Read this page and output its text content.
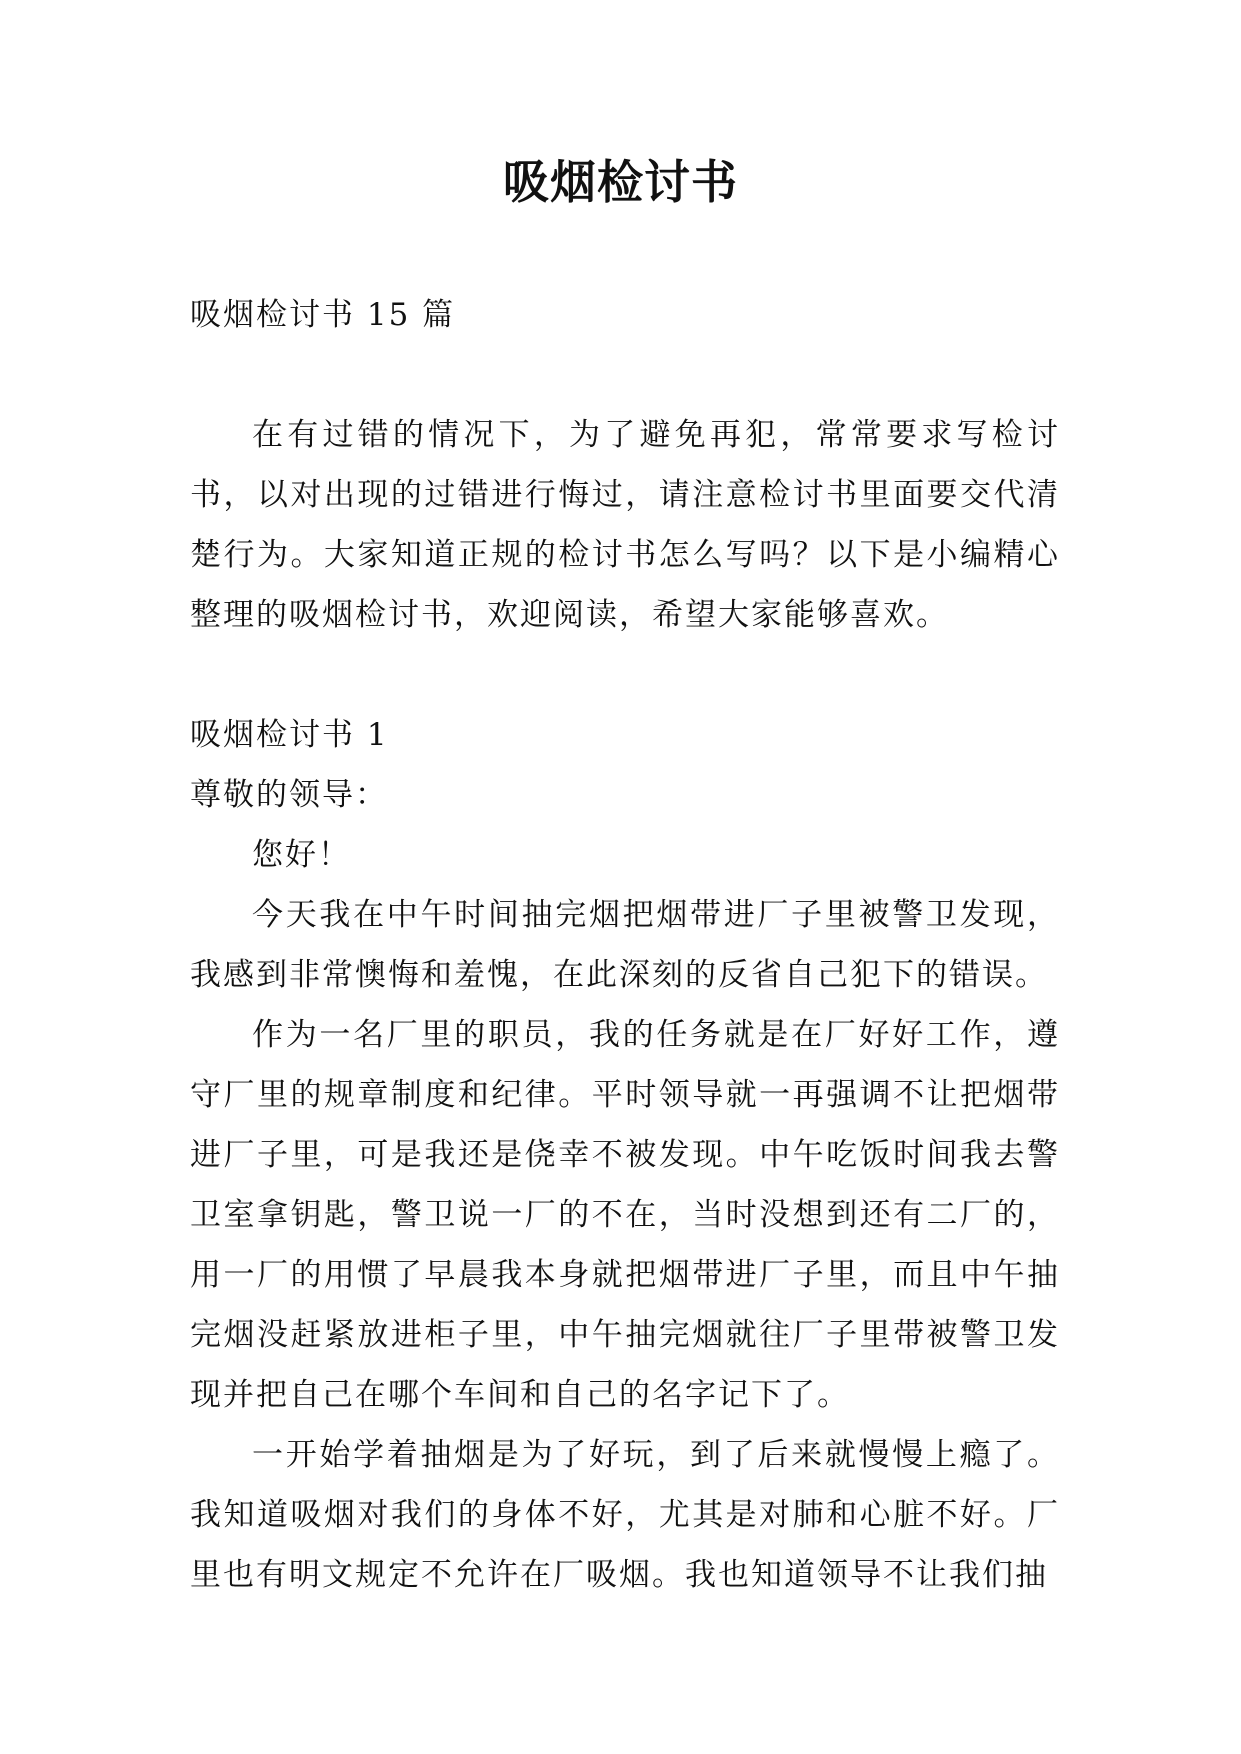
吸烟检讨书

吸烟检讨书 15 篇

在有过错的情况下，为了避免再犯，常常要求写检讨书，以对出现的过错进行悔过，请注意检讨书里面要交代清楚行为。大家知道正规的检讨书怎么写吗？以下是小编精心整理的吸烟检讨书，欢迎阅读，希望大家能够喜欢。

吸烟检讨书 1

尊敬的领导：

您好！

今天我在中午时间抽完烟把烟带进厂子里被警卫发现，我感到非常懊悔和羞愧，在此深刻的反省自己犯下的错误。

作为一名厂里的职员，我的任务就是在厂好好工作，遵守厂里的规章制度和纪律。平时领导就一再强调不让把烟带进厂子里，可是我还是侥幸不被发现。中午吃饭时间我去警卫室拿钥匙，警卫说一厂的不在，当时没想到还有二厂的，用一厂的用惯了早晨我本身就把烟带进厂子里，而且中午抽完烟没赶紧放进柜子里，中午抽完烟就往厂子里带被警卫发现并把自己在哪个车间和自己的名字记下了。

一开始学着抽烟是为了好玩，到了后来就慢慢上瘾了。我知道吸烟对我们的身体不好，尤其是对肺和心脏不好。厂里也有明文规定不允许在厂吸烟。我也知道领导不让我们抽
